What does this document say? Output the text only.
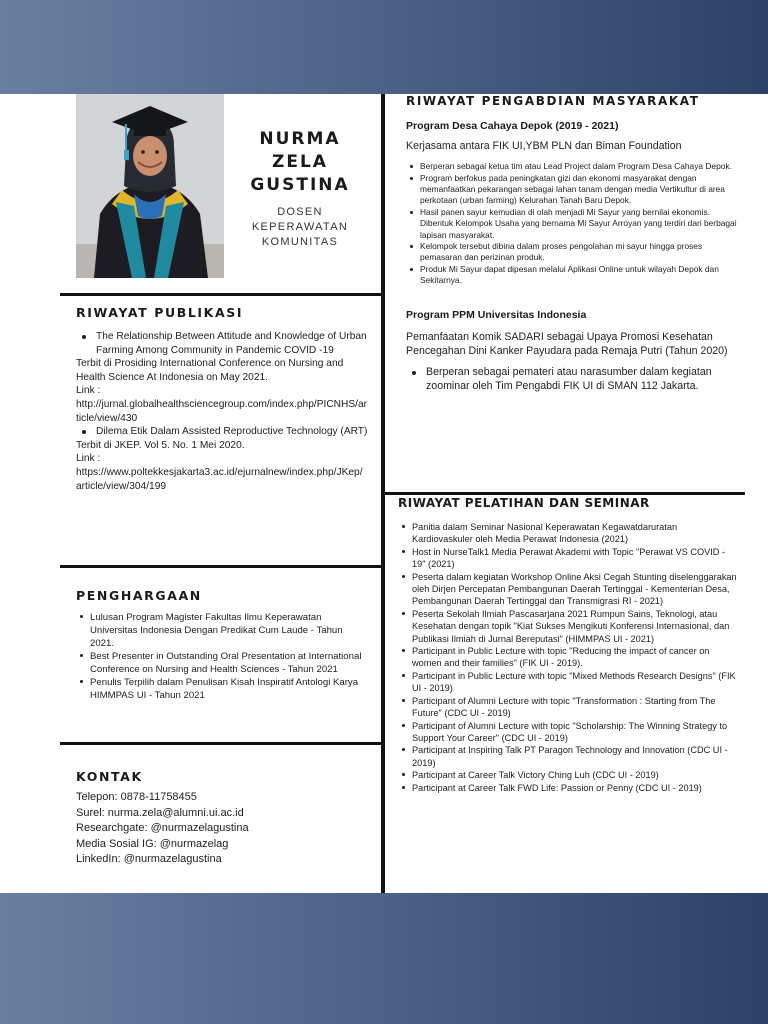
NURMA
ZELA
GUSTINA
DOSEN
KEPERAWATAN
KOMUNITAS
RIWAYAT PUBLIKASI
The Relationship Between Attitude and Knowledge of Urban Farming Among Community in Pandemic COVID -19
Terbit di Prosiding International Conference on Nursing and Health Science At Indonesia on May 2021.
Link :
http://jurnal.globalhealthsciencegroup.com/index.php/PICNHS/article/view/430
Dilema Etik Dalam Assisted Reproductive Technology (ART)
Terbit di JKEP. Vol 5. No. 1 Mei 2020.
Link :
https://www.poltekkesjakarta3.ac.id/ejurnalnew/index.php/JKep/article/view/304/199
PENGHARGAAN
Lulusan Program Magister Fakultas Ilmu Keperawatan Universitas Indonesia Dengan Predikat Cum Laude - Tahun 2021.
Best Presenter in Outstanding Oral Presentation at International Conference on Nursing and Health Sciences - Tahun 2021
Penulis Terpilih dalam Penulisan Kisah Inspiratif Antologi Karya HIMMPAS UI - Tahun 2021
KONTAK
Telepon: 0878-11758455
Surel: nurma.zela@alumni.ui.ac.id
Researchgate: @nurmazelagustina
Media Sosial IG: @nurmazelag
LinkedIn: @nurmazelagustina
RIWAYAT PENGABDIAN MASYARAKAT
Program Desa Cahaya Depok (2019 - 2021)
Kerjasama antara FIK UI,YBM PLN dan Biman Foundation
Berperan sebagai ketua tim atau Lead Project dalam Program Desa Cahaya Depok.
Program berfokus pada peningkatan gizi dan ekonomi masyarakat dengan memanfaatkan pekarangan sebagai lahan tanam dengan media Vertikultur di area perkotaan (urban farming) Kelurahan Tanah Baru Depok.
Hasil panen sayur kemudian di olah menjadi Mi Sayur yang bernilai ekonomis. Dibentuk Kelompok Usaha yang bernama Mi Sayur Arroyan yang terdiri dari berbagai lapisan masyarakat.
Kelompok tersebut dibina dalam proses pengolahan mi sayur hingga proses pemasaran dan perizinan produk.
Produk Mi Sayur dapat dipesan melalui Aplikasi Online untuk wilayah Depok dan Sekitarnya.
Program PPM Universitas Indonesia
Pemanfaatan Komik SADARI sebagai Upaya Promosi Kesehatan Pencegahan Dini Kanker Payudara pada Remaja Putri (Tahun 2020)
Berperan sebagai pemateri atau narasumber dalam kegiatan zoominar oleh Tim Pengabdi FIK UI di SMAN 112 Jakarta.
RIWAYAT PELATIHAN DAN SEMINAR
Panitia dalam Seminar Nasional Keperawatan Kegawatdaruratan Kardiovaskuler oleh Media Perawat Indonesia (2021)
Host in NurseTalk1 Media Perawat Akademi with Topic "Perawat VS COVID - 19" (2021)
Peserta dalam kegiatan Workshop Online Aksi Cegah Stunting diselenggarakan oleh Dirjen Percepatan Pembangunan Daerah Tertinggal - Kementerian Desa, Pembangunan Daerah Tertinggal dan Transmigrasi RI - 2021)
Peserta Sekolah Ilmiah Pascasarjana 2021 Rumpun Sains, Teknologi, atau Kesehatan dengan topik "Kiat Sukses Mengikuti Konferensi Internasional, dan Publikasi Ilmiah di Jurnal Bereputasi" (HIMMPAS UI - 2021)
Participant in Public Lecture with topic "Reducing the impact of cancer on women and their families" (FIK UI - 2019).
Participant in Public Lecture with topic "Mixed Methods Research Designs" (FIK UI - 2019)
Participant of Alumni Lecture with topic "Transformation : Starting from The Future" (CDC UI - 2019)
Participant of Alumni Lecture with topic "Scholarship: The Winning Strategy to Support Your Career" (CDC UI - 2019)
Participant at Inspiring Talk PT Paragon Technology and Innovation (CDC UI - 2019)
Participant at Career Talk Victory Ching Luh (CDC UI - 2019)
Participant at Career Talk FWD Life: Passion or Penny (CDC UI - 2019)
